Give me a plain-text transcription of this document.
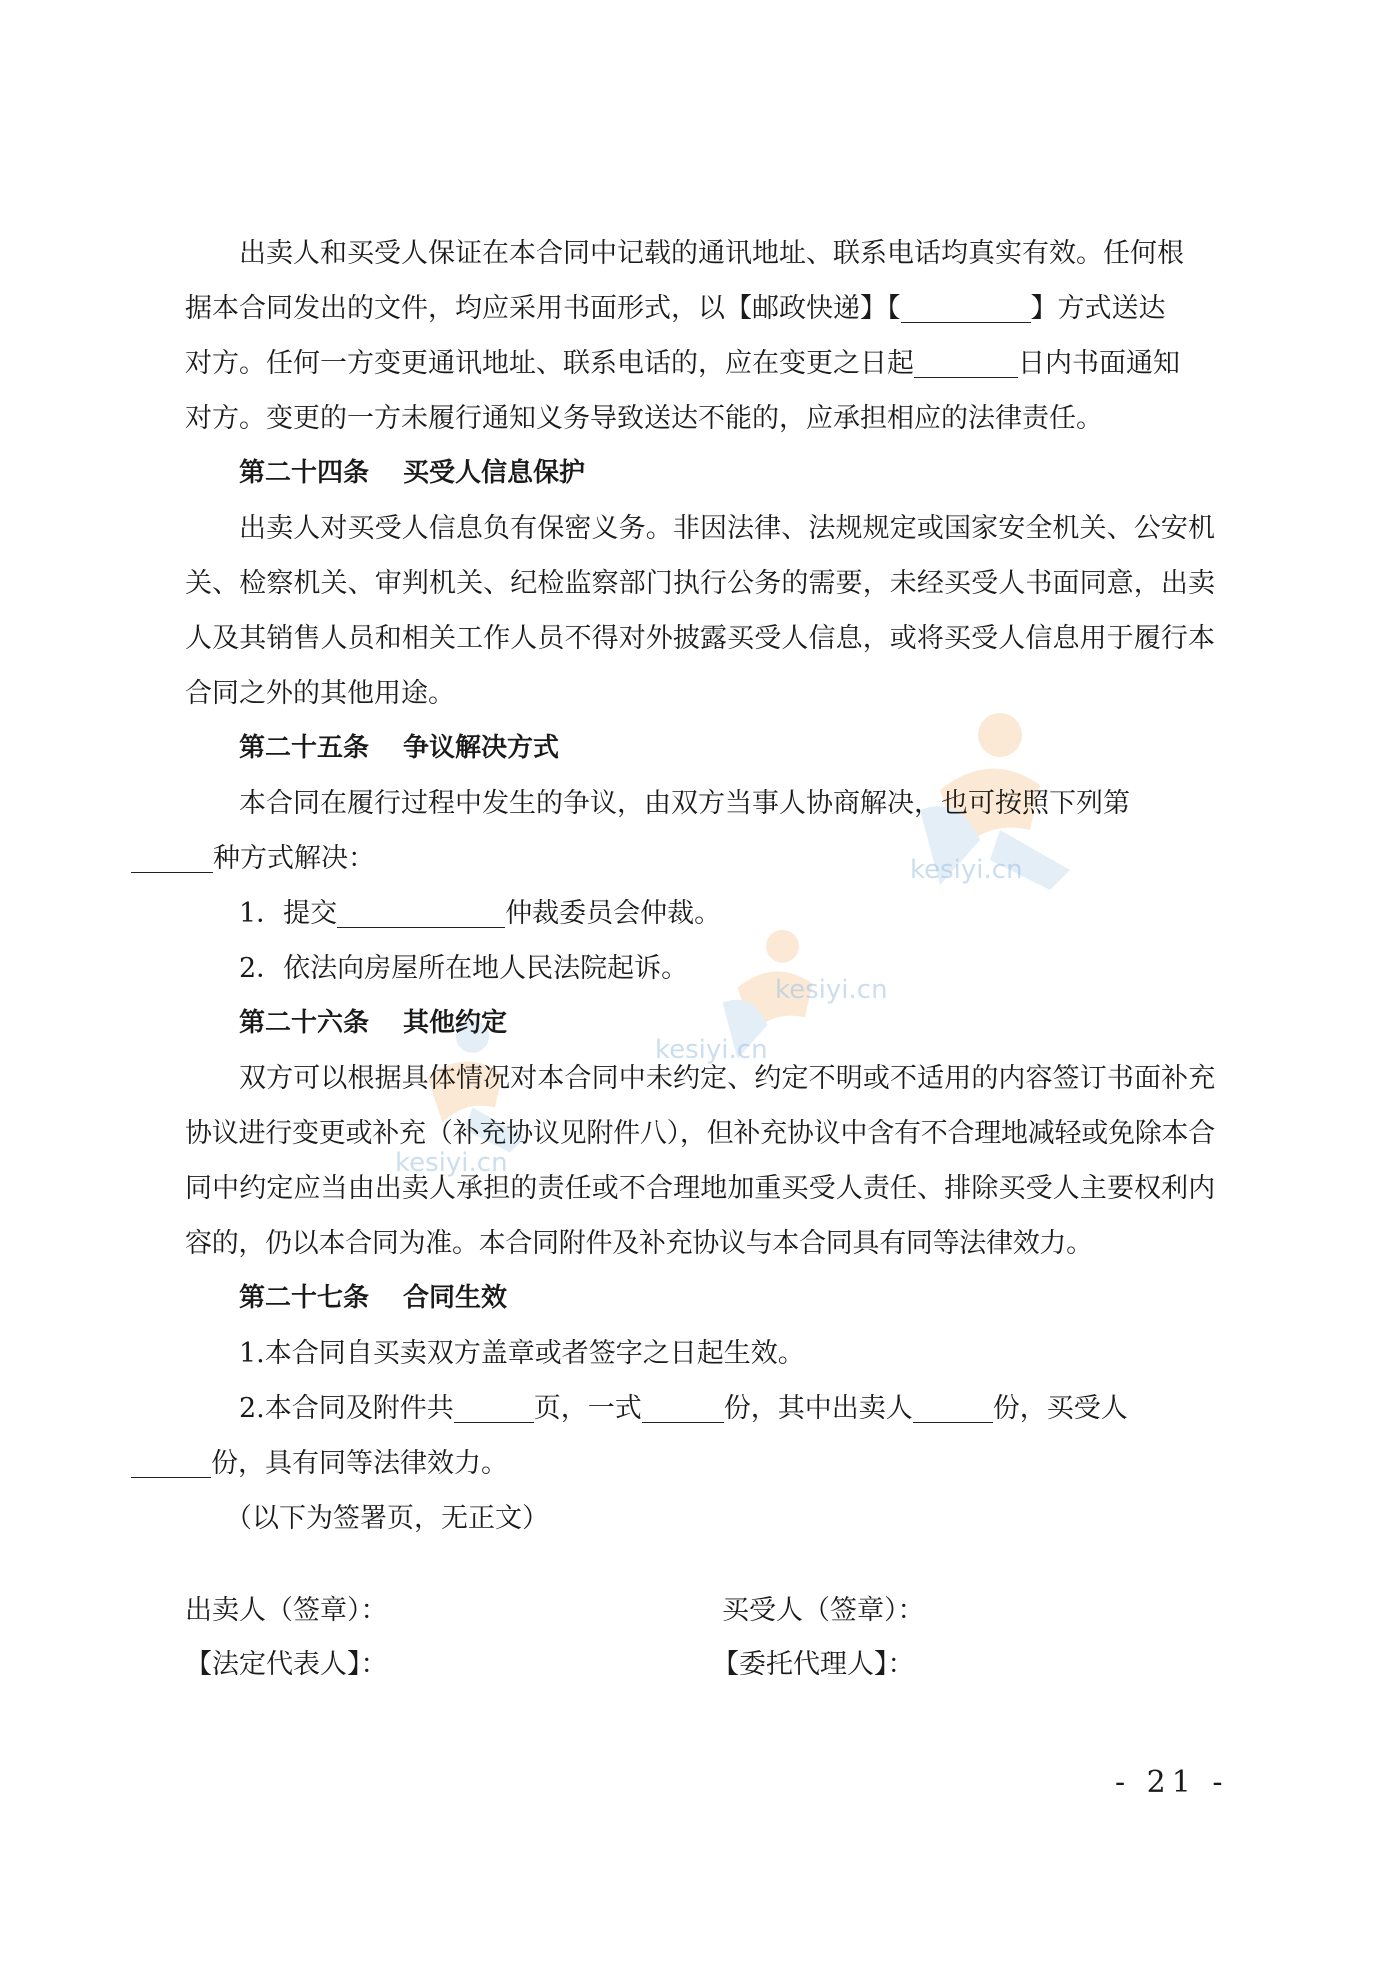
kesiyi.cn
kesiyi.cn
kesiyi.cn
kesiyi.cn

出卖人和买受人保证在本合同中记载的通讯地址、联系电话均真实有效。任何根
据本合同发出的文件，均应采用书面形式，以【邮政快递】【	】方式送达
对方。任何一方变更通讯地址、联系电话的，应在变更之日起	日内书面通知
对方。变更的一方未履行通知义务导致送达不能的，应承担相应的法律责任。

第二十四条 买受人信息保护

出卖人对买受人信息负有保密义务。非因法律、法规规定或国家安全机关、公安机关、检察机关、审判机关、纪检监察部门执行公务的需要，未经买受人书面同意，出卖人及其销售人员和相关工作人员不得对外披露买受人信息，或将买受人信息用于履行本合同之外的其他用途。

第二十五条 争议解决方式

本合同在履行过程中发生的争议，由双方当事人协商解决，也可按照下列第
种方式解决：

1．提交	仲裁委员会仲裁。

2．依法向房屋所在地人民法院起诉。

第二十六条 其他约定

双方可以根据具体情况对本合同中未约定、约定不明或不适用的内容签订书面补充协议进行变更或补充（补充协议见附件八），但补充协议中含有不合理地减轻或免除本合同中约定应当由出卖人承担的责任或不合理地加重买受人责任、排除买受人主要权利内容的，仍以本合同为准。本合同附件及补充协议与本合同具有同等法律效力。

第二十七条 合同生效

1.本合同自买卖双方盖章或者签字之日起生效。

2.本合同及附件共	页，一式	份，其中出卖人	份，买受人
份，具有同等法律效力。

（以下为签署页，无正文）

出卖人（签章）：	买受人（签章）：
【法定代表人】：	【委托代理人】：
- 21 -
